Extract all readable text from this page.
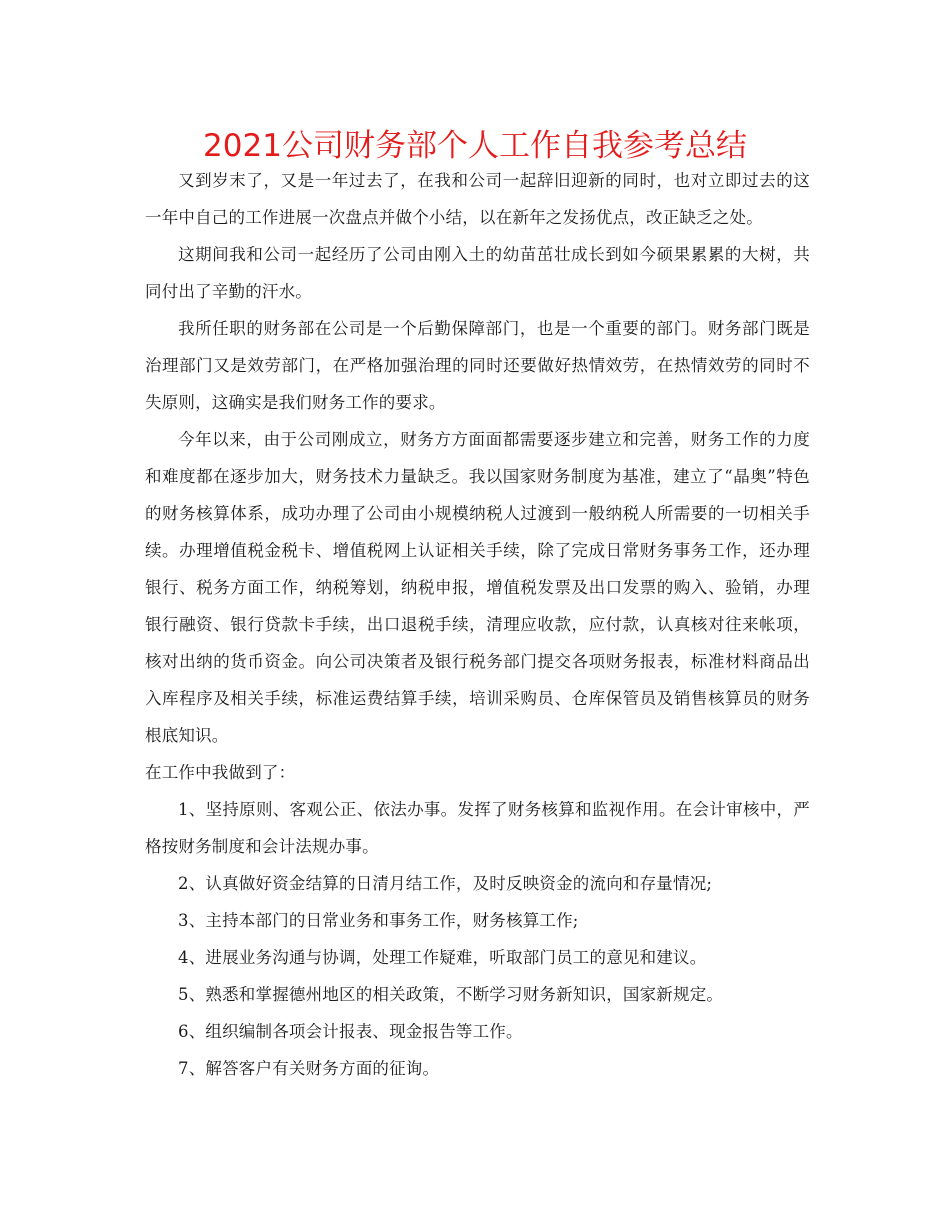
2021公司财务部个人工作自我参考总结

又到岁末了，又是一年过去了，在我和公司一起辞旧迎新的同时，也对立即过去的这一年中自己的工作进展一次盘点并做个小结，以在新年之发扬优点，改正缺乏之处。

这期间我和公司一起经历了公司由刚入土的幼苗茁壮成长到如今硕果累累的大树，共同付出了辛勤的汗水。

我所任职的财务部在公司是一个后勤保障部门，也是一个重要的部门。财务部门既是治理部门又是效劳部门，在严格加强治理的同时还要做好热情效劳，在热情效劳的同时不失原则，这确实是我们财务工作的要求。

今年以来，由于公司刚成立，财务方方面面都需要逐步建立和完善，财务工作的力度和难度都在逐步加大，财务技术力量缺乏。我以国家财务制度为基准，建立了“晶奥”特色的财务核算体系，成功办理了公司由小规模纳税人过渡到一般纳税人所需要的一切相关手续。办理增值税金税卡、增值税网上认证相关手续，除了完成日常财务事务工作，还办理银行、税务方面工作，纳税筹划，纳税申报，增值税发票及出口发票的购入、验销，办理银行融资、银行贷款卡手续，出口退税手续，清理应收款，应付款，认真核对往来帐项，核对出纳的货币资金。向公司决策者及银行税务部门提交各项财务报表，标准材料商品出入库程序及相关手续，标准运费结算手续，培训采购员、仓库保管员及销售核算员的财务根底知识。

在工作中我做到了：

1、坚持原则、客观公正、依法办事。发挥了财务核算和监视作用。在会计审核中，严格按财务制度和会计法规办事。

2、认真做好资金结算的日清月结工作，及时反映资金的流向和存量情况;

3、主持本部门的日常业务和事务工作，财务核算工作;

4、进展业务沟通与协调，处理工作疑难，听取部门员工的意见和建议。

5、熟悉和掌握德州地区的相关政策，不断学习财务新知识，国家新规定。

6、组织编制各项会计报表、现金报告等工作。

7、解答客户有关财务方面的征询。
